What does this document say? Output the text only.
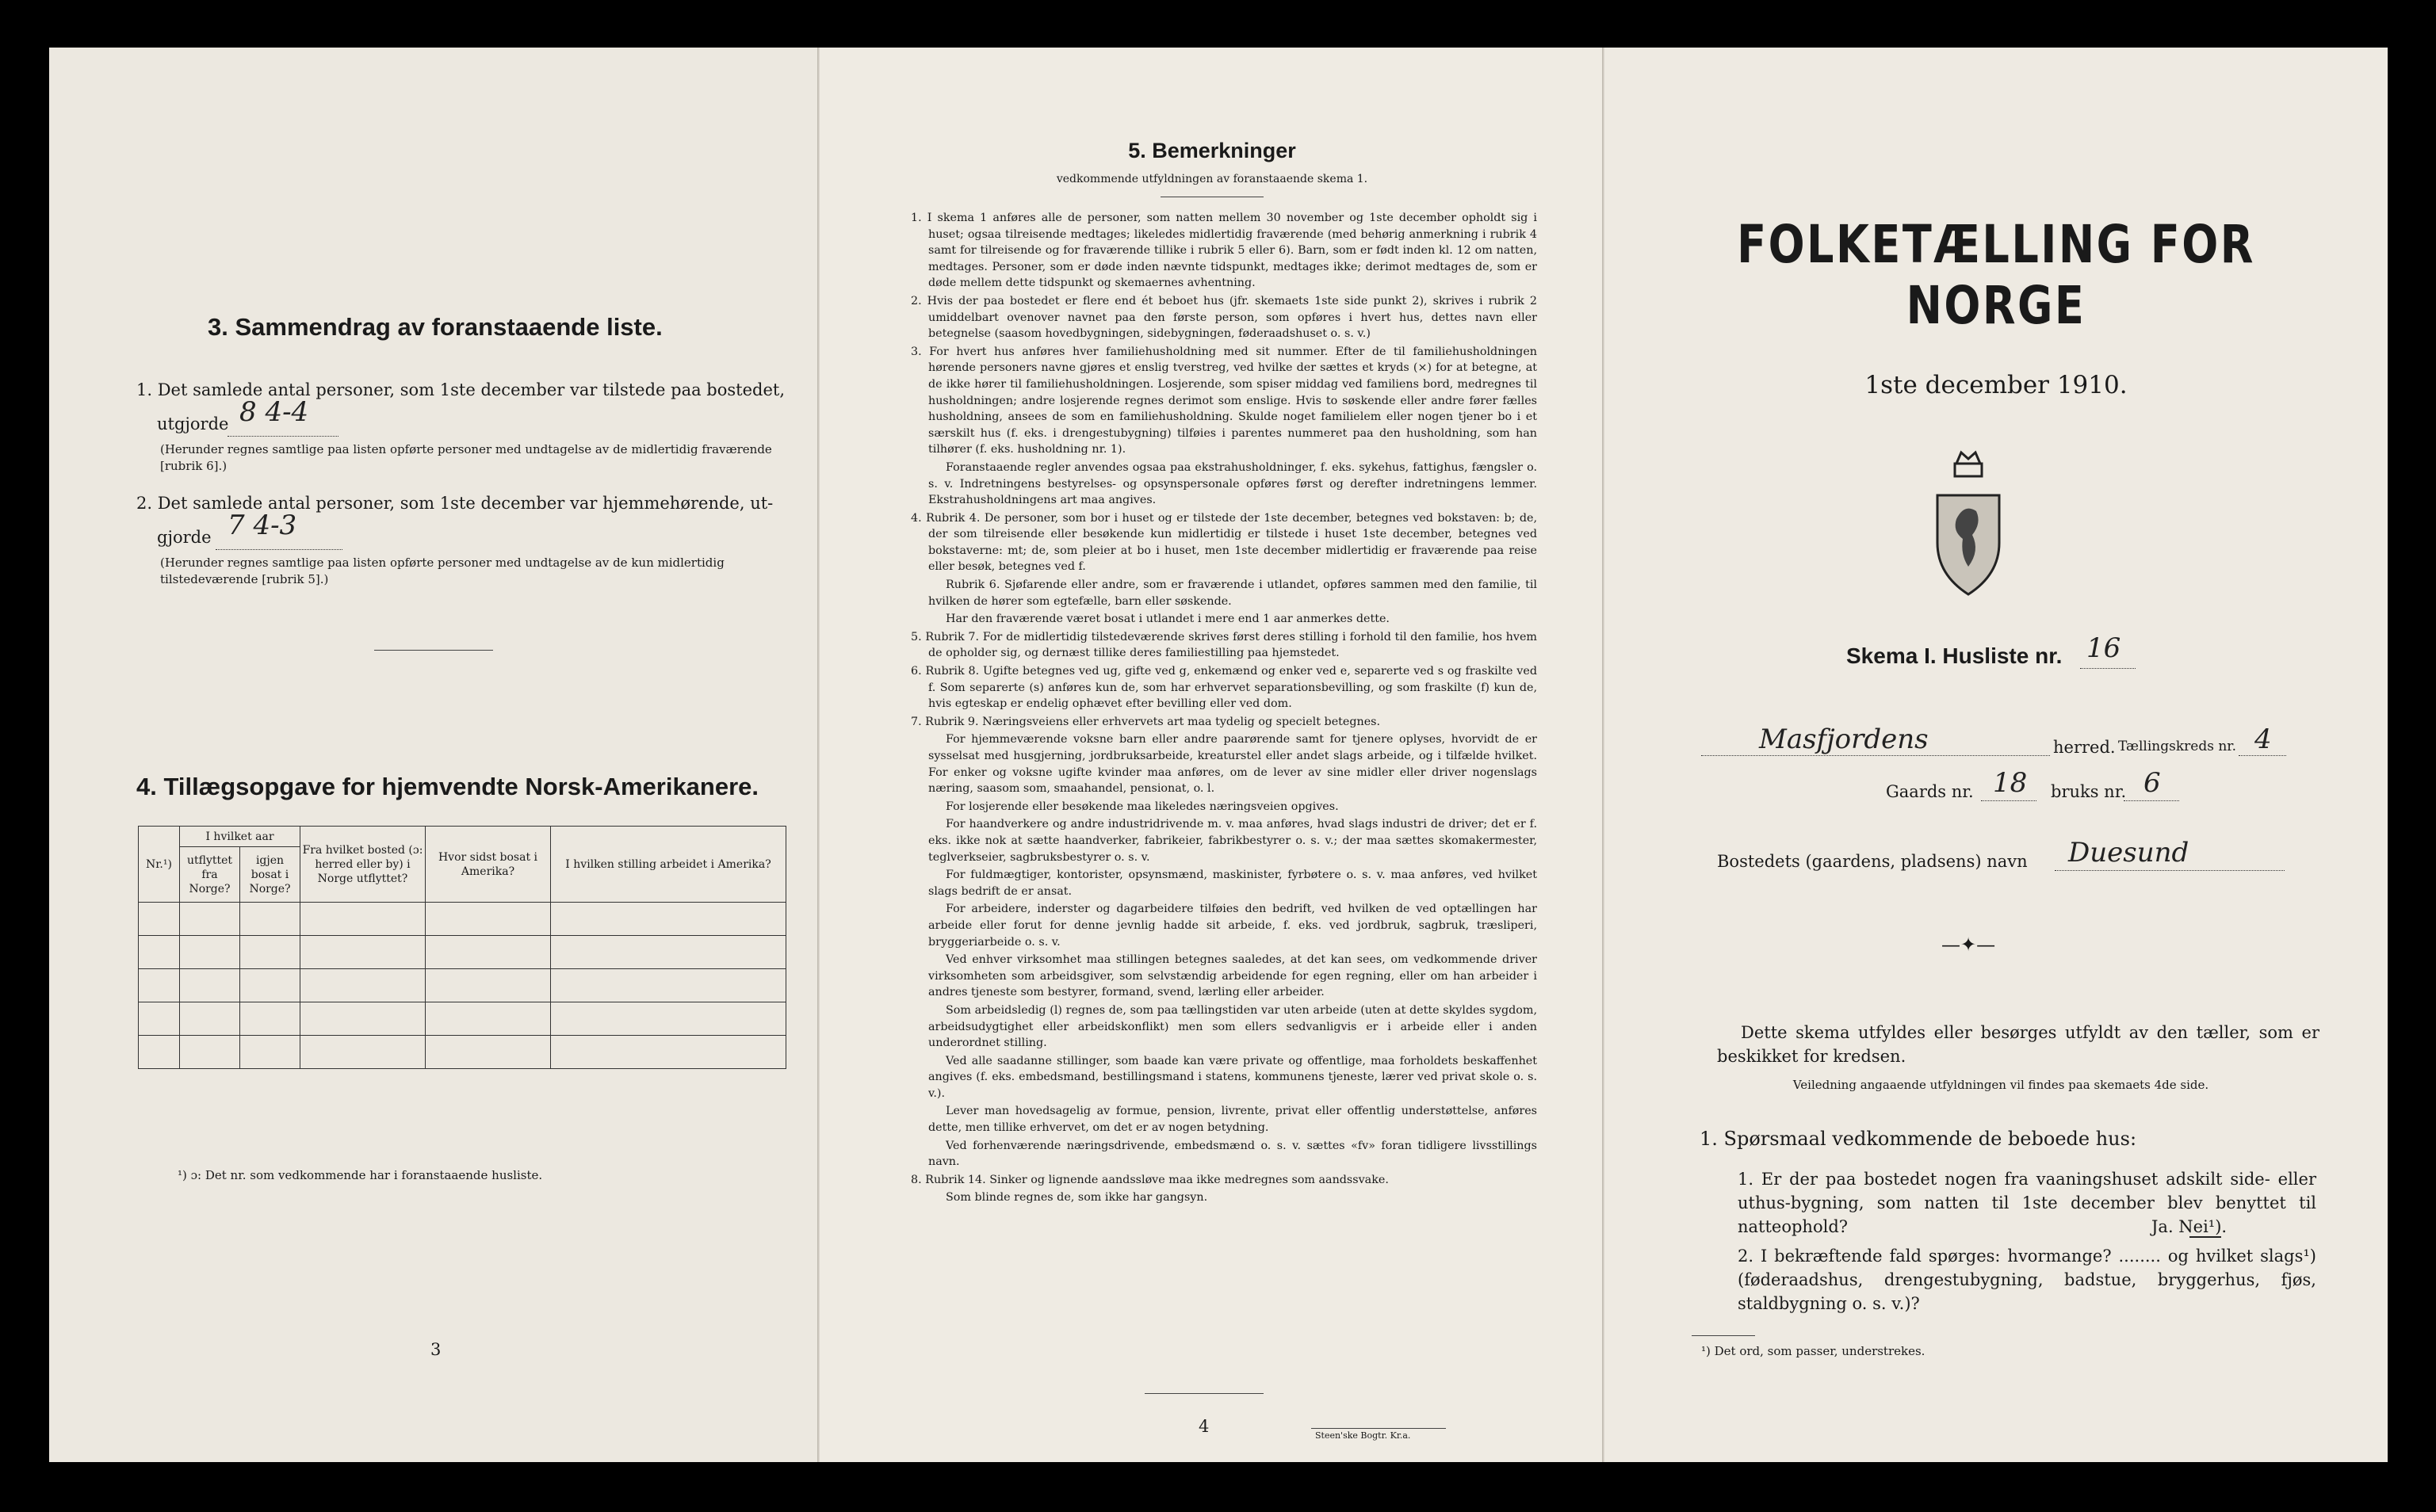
3. Sammendrag av foranstaaende liste.
1. Det samlede antal personer, som 1ste december var tilstede paa bostedet,
utgjorde 8 4-4
(Herunder regnes samtlige paa listen opførte personer med undtagelse av de midlertidig fraværende [rubrik 6].)
2. Det samlede antal personer, som 1ste december var hjemmehørende, ut-
gjorde 7 4-3
(Herunder regnes samtlige paa listen opførte personer med undtagelse av de kun midlertidig tilstedeværende [rubrik 5].)
4. Tillægsopgave for hjemvendte Norsk-Amerikanere.
Nr.¹)	I hvilket aar		Fra hvilket bosted (ɔ: herred eller by) i Norge utflyttet?	Hvor sidst bosat i Amerika?	I hvilken stilling arbeidet i Amerika?
	utflyttet fra Norge?	igjen bosat i Norge?			

¹) ɔ: Det nr. som vedkommende har i foranstaaende husliste.
3
5. Bemerkninger
vedkommende utfyldningen av foranstaaende skema 1.

1. I skema 1 anføres alle de personer, som natten mellem 30 november og 1ste december opholdt sig i huset; ogsaa tilreisende medtages; likeledes midlertidig fraværende (med behørig anmerkning i rubrik 4 samt for tilreisende og for fraværende tillike i rubrik 5 eller 6). Barn, som er født inden kl. 12 om natten, medtages. Personer, som er døde inden nævnte tidspunkt, medtages ikke; derimot medtages de, som er døde mellem dette tidspunkt og skemaernes avhentning.

2. Hvis der paa bostedet er flere end ét beboet hus (jfr. skemaets 1ste side punkt 2), skrives i rubrik 2 umiddelbart ovenover navnet paa den første person, som opføres i hvert hus, dettes navn eller betegnelse (saasom hovedbygningen, sidebygningen, føderaadshuset o. s. v.)

3. For hvert hus anføres hver familiehusholdning med sit nummer. Efter de til familiehusholdningen hørende personers navne gjøres et enslig tverstreg, ved hvilke der sættes et kryds (×) for at betegne, at de ikke hører til familiehusholdningen. Losjerende, som spiser middag ved familiens bord, medregnes til husholdningen; andre losjerende regnes derimot som enslige. Hvis to søskende eller andre fører fælles husholdning, ansees de som en familiehusholdning. Skulde noget familielem eller nogen tjener bo i et særskilt hus (f. eks. i drengestubygning) tilføies i parentes nummeret paa den husholdning, som han tilhører (f. eks. husholdning nr. 1).

Foranstaaende regler anvendes ogsaa paa ekstrahusholdninger, f. eks. sykehus, fattighus, fængsler o. s. v. Indretningens bestyrelses- og opsynspersonale opføres først og derefter indretningens lemmer. Ekstrahusholdningens art maa angives.

4. Rubrik 4. De personer, som bor i huset og er tilstede der 1ste december, betegnes ved bokstaven: b; de, der som tilreisende eller besøkende kun midlertidig er tilstede i huset 1ste december, betegnes ved bokstaverne: mt; de, som pleier at bo i huset, men 1ste december midlertidig er fraværende paa reise eller besøk, betegnes ved f.

Rubrik 6. Sjøfarende eller andre, som er fraværende i utlandet, opføres sammen med den familie, til hvilken de hører som egtefælle, barn eller søskende.

Har den fraværende været bosat i utlandet i mere end 1 aar anmerkes dette.

5. Rubrik 7. For de midlertidig tilstedeværende skrives først deres stilling i forhold til den familie, hos hvem de opholder sig, og dernæst tillike deres familiestilling paa hjemstedet.

6. Rubrik 8. Ugifte betegnes ved ug, gifte ved g, enkemænd og enker ved e, separerte ved s og fraskilte ved f. Som separerte (s) anføres kun de, som har erhvervet separationsbevilling, og som fraskilte (f) kun de, hvis egteskap er endelig ophævet efter bevilling eller ved dom.

7. Rubrik 9. Næringsveiens eller erhvervets art maa tydelig og specielt betegnes.

For hjemmeværende voksne barn eller andre paarørende samt for tjenere oplyses, hvorvidt de er sysselsat med husgjerning, jordbruksarbeide, kreaturstel eller andet slags arbeide, og i tilfælde hvilket. For enker og voksne ugifte kvinder maa anføres, om de lever av sine midler eller driver nogenslags næring, saasom som, smaahandel, pensionat, o. l.

For losjerende eller besøkende maa likeledes næringsveien opgives.

For haandverkere og andre industridrivende m. v. maa anføres, hvad slags industri de driver; det er f. eks. ikke nok at sætte haandverker, fabrikeier, fabrikbestyrer o. s. v.; der maa sættes skomakermester, teglverkseier, sagbruksbestyrer o. s. v.

For fuldmægtiger, kontorister, opsynsmænd, maskinister, fyrbøtere o. s. v. maa anføres, ved hvilket slags bedrift de er ansat.

For arbeidere, inderster og dagarbeidere tilføies den bedrift, ved hvilken de ved optællingen har arbeide eller forut for denne jevnlig hadde sit arbeide, f. eks. ved jordbruk, sagbruk, træsliperi, bryggeriarbeide o. s. v.

Ved enhver virksomhet maa stillingen betegnes saaledes, at det kan sees, om vedkommende driver virksomheten som arbeidsgiver, som selvstændig arbeidende for egen regning, eller om han arbeider i andres tjeneste som bestyrer, formand, svend, lærling eller arbeider.

Som arbeidsledig (l) regnes de, som paa tællingstiden var uten arbeide (uten at dette skyldes sygdom, arbeidsudygtighet eller arbeidskonflikt) men som ellers sedvanligvis er i arbeide eller i anden underordnet stilling.

Ved alle saadanne stillinger, som baade kan være private og offentlige, maa forholdets beskaffenhet angives (f. eks. embedsmand, bestillingsmand i statens, kommunens tjeneste, lærer ved privat skole o. s. v.).

Lever man hovedsagelig av formue, pension, livrente, privat eller offentlig understøttelse, anføres dette, men tillike erhvervet, om det er av nogen betydning.

Ved forhenværende næringsdrivende, embedsmænd o. s. v. sættes «fv» foran tidligere livsstillings navn.

8. Rubrik 14. Sinker og lignende aandssløve maa ikke medregnes som aandssvake.

Som blinde regnes de, som ikke har gangsyn.

4	Steen'ske Bogtr. Kr.a.
FOLKETÆLLING FOR NORGE
1ste december 1910.
Skema I. Husliste nr. 16
Masfjordens	herred. Tællingskreds nr. 4
Gaards nr. 18 bruks nr. 6
Bostedets (gaardens, pladsens) navn Duesund
—✦—
Dette skema utfyldes eller besørges utfyldt av den tæller, som er beskikket for kredsen.
Veiledning angaaende utfyldningen vil findes paa skemaets 4de side.
1. Spørsmaal vedkommende de beboede hus:
1. Er der paa bostedet nogen fra vaaningshuset adskilt side- eller uthus-bygning, som natten til 1ste december blev benyttet til natteophold?	Ja. Nei¹).
2. I bekræftende fald spørges: hvormange? ........ og hvilket slags¹) (føderaadshus, drengestubygning, badstue, bryggerhus, fjøs, staldbygning o. s. v.)?
¹) Det ord, som passer, understrekes.
